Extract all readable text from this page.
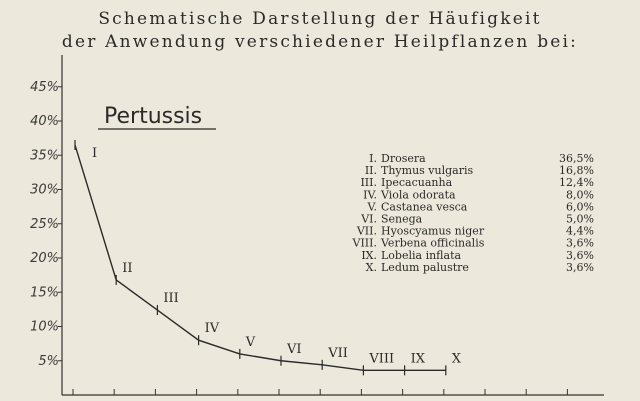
Schematische Darstellung der Häufigkeit
der Anwendung verschiedener Heilpflanzen bei:
Pertussis
5%
10%
15%
20%
25%
30%
35%
40%
45%
I
II
III
IV
V VI VII VIII IX X
I. Drosera	36,5%
II. Thymus vulgaris	16,8%
III. Ipecacuanha	12,4%
IV. Viola odorata	8,0%
V. Castanea vesca	6,0%
VI. Senega	5,0%
VII. Hyoscyamus niger	4,4%
VIII. Verbena officinalis	3,6%
IX. Lobelia inflata	3,6%
X. Ledum palustre	3,6%
